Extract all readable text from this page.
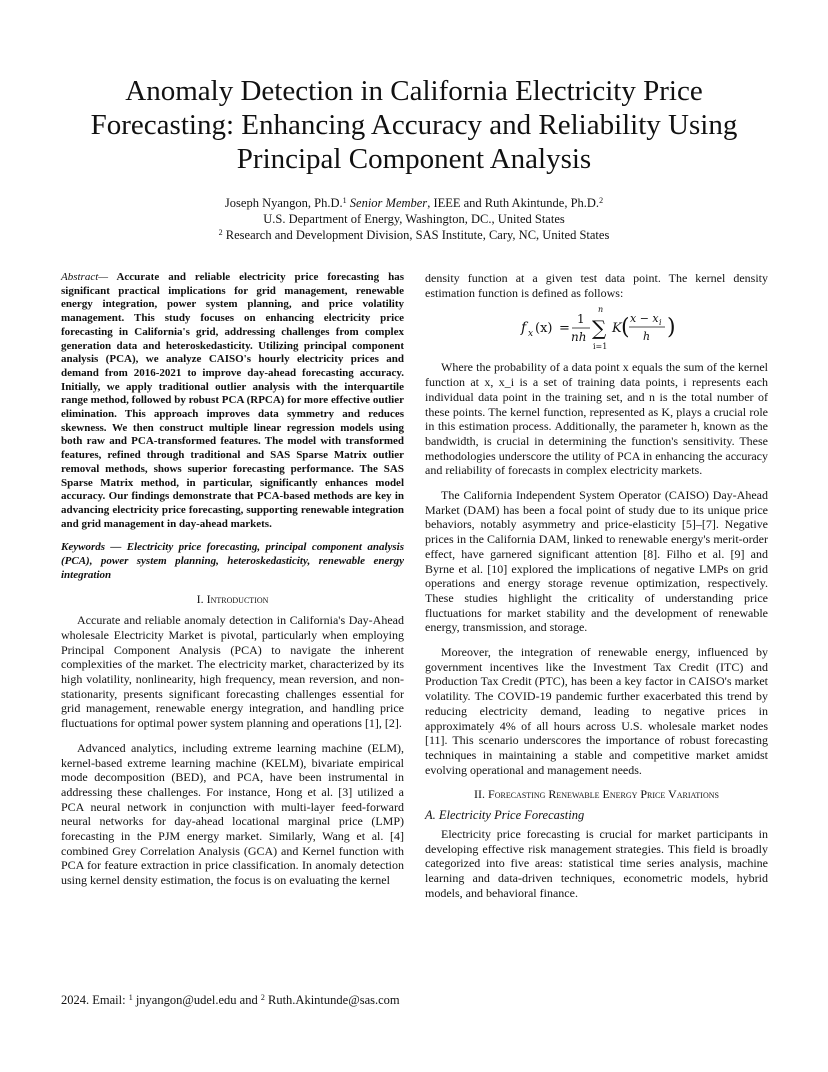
Anomaly Detection in California Electricity Price Forecasting: Enhancing Accuracy and Reliability Using Principal Component Analysis
Joseph Nyangon, Ph.D.$^1$ Senior Member, IEEE and Ruth Akintunde, Ph.D.$^2$
U.S. Department of Energy, Washington, DC., United States
$^2$ Research and Development Division, SAS Institute, Cary, NC, United States

Abstract— Accurate and reliable electricity price forecasting has significant practical implications for grid management, renewable energy integration, power system planning, and price volatility management. This study focuses on enhancing electricity price forecasting in California's grid, addressing challenges from complex generation data and heteroskedasticity. Utilizing principal component analysis (PCA), we analyze CAISO's hourly electricity prices and demand from 2016-2021 to improve day-ahead forecasting accuracy. Initially, we apply traditional outlier analysis with the interquartile range method, followed by robust PCA (RPCA) for more effective outlier elimination. This approach improves data symmetry and reduces skewness. We then construct multiple linear regression models using both raw and PCA-transformed features. The model with transformed features, refined through traditional and SAS Sparse Matrix outlier removal methods, shows superior forecasting performance. The SAS Sparse Matrix method, in particular, significantly enhances model accuracy. Our findings demonstrate that PCA-based methods are key in advancing electricity price forecasting, supporting renewable integration and grid management in day-ahead markets.

Keywords — Electricity price forecasting, principal component analysis (PCA), power system planning, heteroskedasticity, renewable energy integration

I. Introduction

Accurate and reliable anomaly detection in California's Day-Ahead wholesale Electricity Market is pivotal, particularly when employing Principal Component Analysis (PCA) to navigate the inherent complexities of the market. The electricity market, characterized by its high volatility, nonlinearity, high frequency, mean reversion, and non-stationarity, presents significant forecasting challenges essential for grid management, renewable energy integration, and handling price fluctuations for optimal power system planning and operations [1], [2].

Advanced analytics, including extreme learning machine (ELM), kernel-based extreme learning machine (KELM), bivariate empirical mode decomposition (BED), and PCA, have been instrumental in addressing these challenges. For instance, Hong et al. [3] utilized a PCA neural network in conjunction with multi-layer feed-forward neural networks for day-ahead locational marginal price (LMP) forecasting in the PJM energy market. Similarly, Wang et al. [4] combined Grey Correlation Analysis (GCA) and Kernel function with PCA for feature extraction in price classification. In anomaly detection using kernel density estimation, the focus is on evaluating the kernel

density function at a given test data point. The kernel density estimation function is defined as follows:

f x (x) =
1
nh
n
∑
i=1
K ( x − x i
h )

Where the probability of a data point x equals the sum of the kernel function at x, x_i is a set of training data points, i represents each individual data point in the training set, and n is the total number of these points. The kernel function, represented as K, plays a crucial role in this estimation process. Additionally, the parameter h, known as the bandwidth, is crucial in determining the function's sensitivity. These methodologies underscore the utility of PCA in enhancing the accuracy and reliability of forecasts in complex electricity markets.

The California Independent System Operator (CAISO) Day-Ahead Market (DAM) has been a focal point of study due to its unique price behaviors, notably asymmetry and price-elasticity [5]–[7]. Negative prices in the California DAM, linked to renewable energy's merit-order effect, have garnered significant attention [8]. Filho et al. [9] and Byrne et al. [10] explored the implications of negative LMPs on grid operations and energy storage revenue optimization, respectively. These studies highlight the criticality of understanding price fluctuations for market stability and the development of renewable energy, transmission, and storage.

Moreover, the integration of renewable energy, influenced by government incentives like the Investment Tax Credit (ITC) and Production Tax Credit (PTC), has been a key factor in CAISO's market volatility. The COVID-19 pandemic further exacerbated this trend by reducing electricity demand, leading to negative prices in approximately 4% of all hours across U.S. wholesale market nodes [11]. This scenario underscores the importance of robust forecasting techniques in maintaining a stable and competitive market amidst evolving operational and management needs.

II. Forecasting Renewable Energy Price Variations
A. Electricity Price Forecasting

Electricity price forecasting is crucial for market participants in developing effective risk management strategies. This field is broadly categorized into five areas: statistical time series analysis, machine learning and data-driven techniques, econometric models, hybrid models, and behavioral finance.

2024. Email: $^1$ jnyangon@udel.edu and $^2$ Ruth.Akintunde@sas.com
